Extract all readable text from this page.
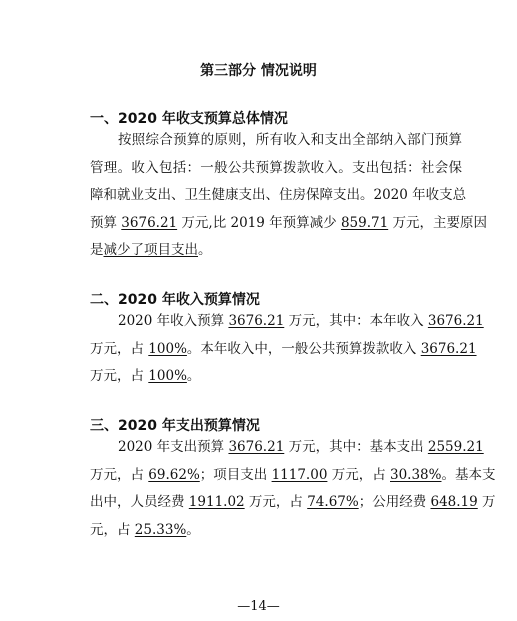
第三部分 情况说明
一、2020 年收支预算总体情况
按照综合预算的原则，所有收入和支出全部纳入部门预算
管理。收入包括：一般公共预算拨款收入。支出包括：社会保
障和就业支出、卫生健康支出、住房保障支出。2020 年收支总
预算 3676.21 万元,比 2019 年预算减少 859.71 万元，主要原因
是减少了项目支出。
二、2020 年收入预算情况
2020 年收入预算 3676.21 万元，其中：本年收入 3676.21
万元，占 100%。本年收入中，一般公共预算拨款收入 3676.21
万元，占 100%。
三、2020 年支出预算情况
2020 年支出预算 3676.21 万元，其中：基本支出 2559.21
万元，占 69.62%；项目支出 1117.00 万元，占 30.38%。基本支
出中，人员经费 1911.02 万元，占 74.67%；公用经费 648.19 万
元，占 25.33%。
—14—
